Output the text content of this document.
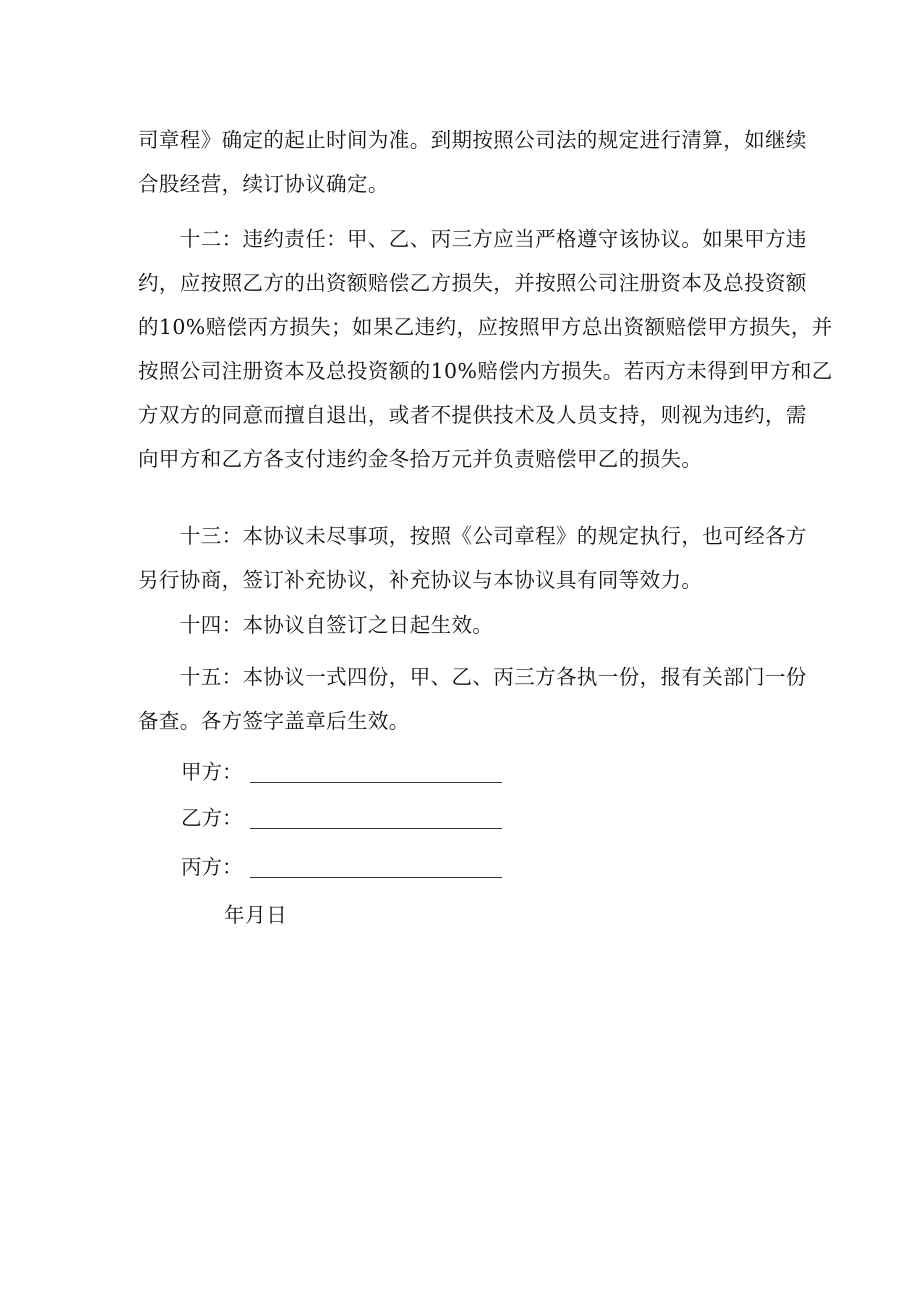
司章程》确定的起止时间为准。到期按照公司法的规定进行清算，如继续
合股经营，续订协议确定。
　　十二：违约责任：甲、乙、丙三方应当严格遵守该协议。如果甲方违
约，应按照乙方的出资额赔偿乙方损失，并按照公司注册资本及总投资额
的10%赔偿丙方损失；如果乙违约，应按照甲方总出资额赔偿甲方损失，并
按照公司注册资本及总投资额的10%赔偿内方损失。若丙方未得到甲方和乙
方双方的同意而擅自退出，或者不提供技术及人员支持，则视为违约，需
向甲方和乙方各支付违约金冬拾万元并负责赔偿甲乙的损失。
　　十三：本协议未尽事项，按照《公司章程》的规定执行，也可经各方
另行协商，签订补充协议，补充协议与本协议具有同等效力。
　　十四：本协议自签订之日起生效。
　　十五：本协议一式四份，甲、乙、丙三方各执一份，报有关部门一份
备查。各方签字盖章后生效。
甲方：
乙方：
丙方：
年月日
